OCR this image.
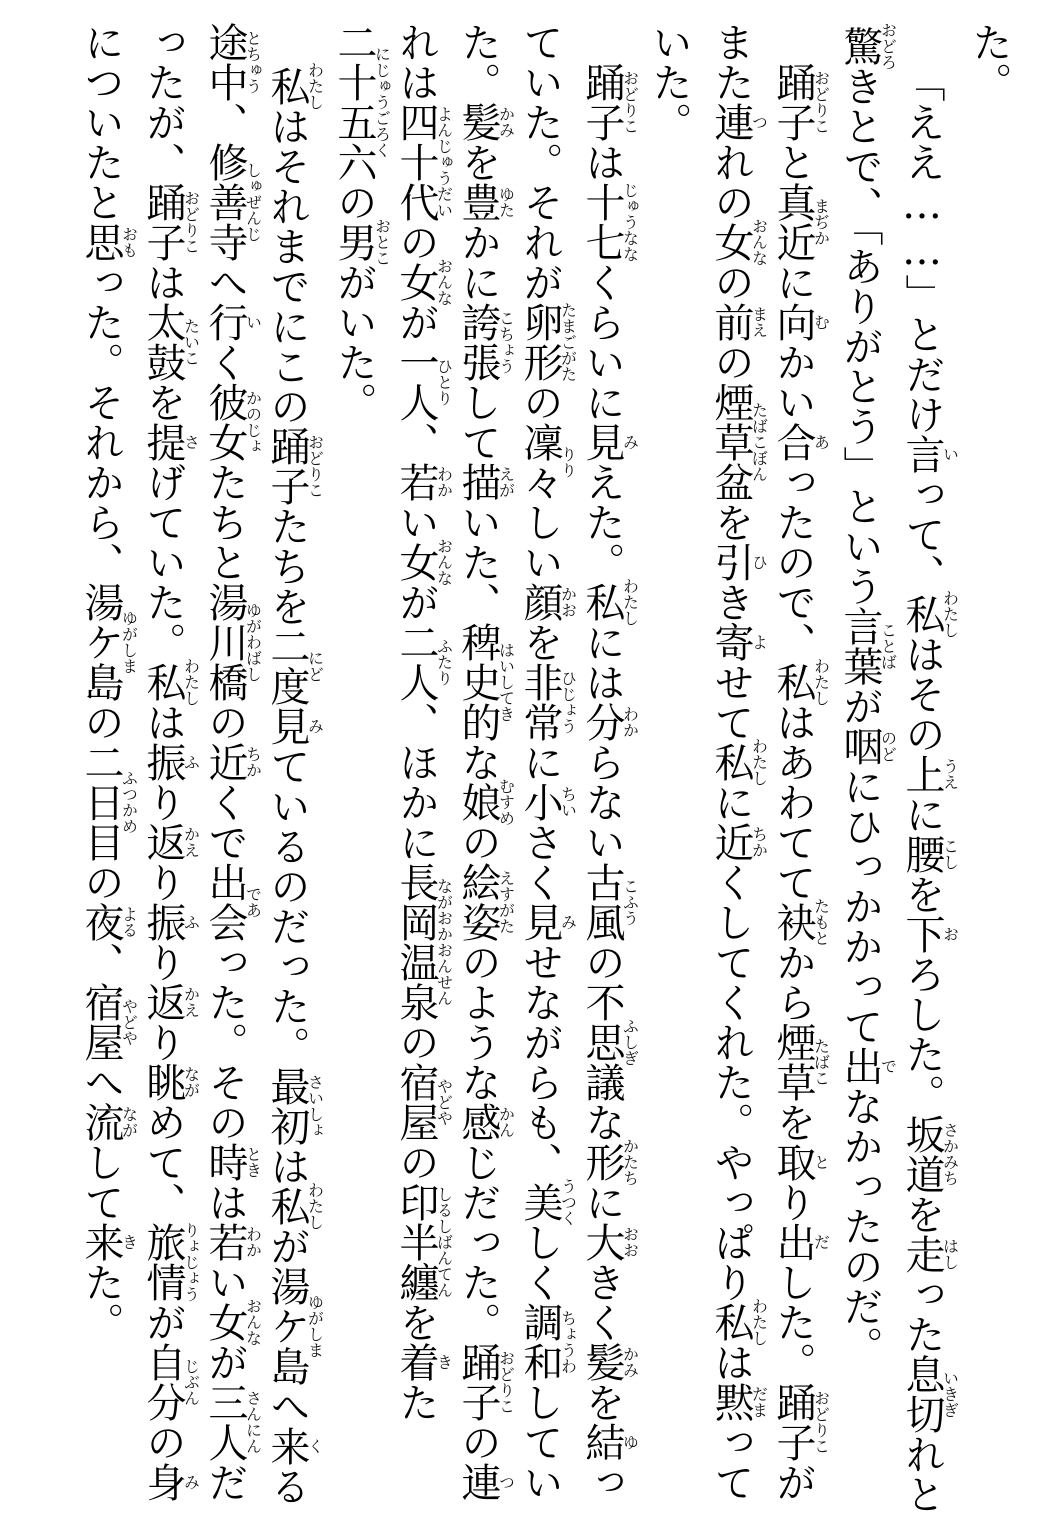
た。

「ええ……」とだけ言いって、私わたしはその上うえに腰こしを下おろした。坂道さかみちを走はしった息切いきぎれと驚おどろきとで、「ありがとう」という言葉ことばが咽のどにひっかかって出でなかったのだ。

踊子おどりこと真近まぢかに向むかい合あったので、私わたしはあわてて袂たもとから煙草たばこを取とり出だした。踊子おどりこがまた連つれの女おんなの前まえの煙草盆たばこぼんを引ひき寄よせて私わたしに近ちかくしてくれた。やっぱり私わたしは黙だまっていた。

踊子おどりこは十七じゅうななくらいに見みえた。私わたしには分わからない古風こふうの不思議ふしぎな形かたちに大おおきく髪かみを結ゆっていた。それが卵形たまごがたの凜々りりしい顔かおを非常ひじょうに小ちいさく見みせながらも、美うつくしく調和ちょうわしていた。髪かみを豊ゆたかに誇張こちょうして描えがいた、稗史的はいしてきな娘むすめの絵姿えすがたのような感かんじだった。踊子おどりこの連つれは四十代よんじゅうだいの女おんなが一人ひとり、若わかい女おんなが二人ふたり、ほかに長岡温泉ながおかおんせんの宿屋やどやの印半纏しるしばんてんを着きた二十五六にじゅうごろくの男おとこがいた。

私わたしはそれまでにこの踊子おどりこたちを二度にど見みているのだった。最初さいしょは私わたしが湯ケ島ゆがしまへ来くる途中とちゅう、修善寺しゅぜんじへ行いく彼女かのじょたちと湯川橋ゆがわばしの近ちかくで出会であった。その時ときは若わかい女おんなが三人さんにんだったが、踊子おどりこは太鼓たいこを提さげていた。私わたしは振ふり返かえり振ふり返かえり眺ながめて、旅情りょじょうが自分じぶんの身みについたと思おもった。それから、湯ケ島ゆがしまの二日目ふつかめの夜よる、宿屋やどやへ流ながして来きた。
